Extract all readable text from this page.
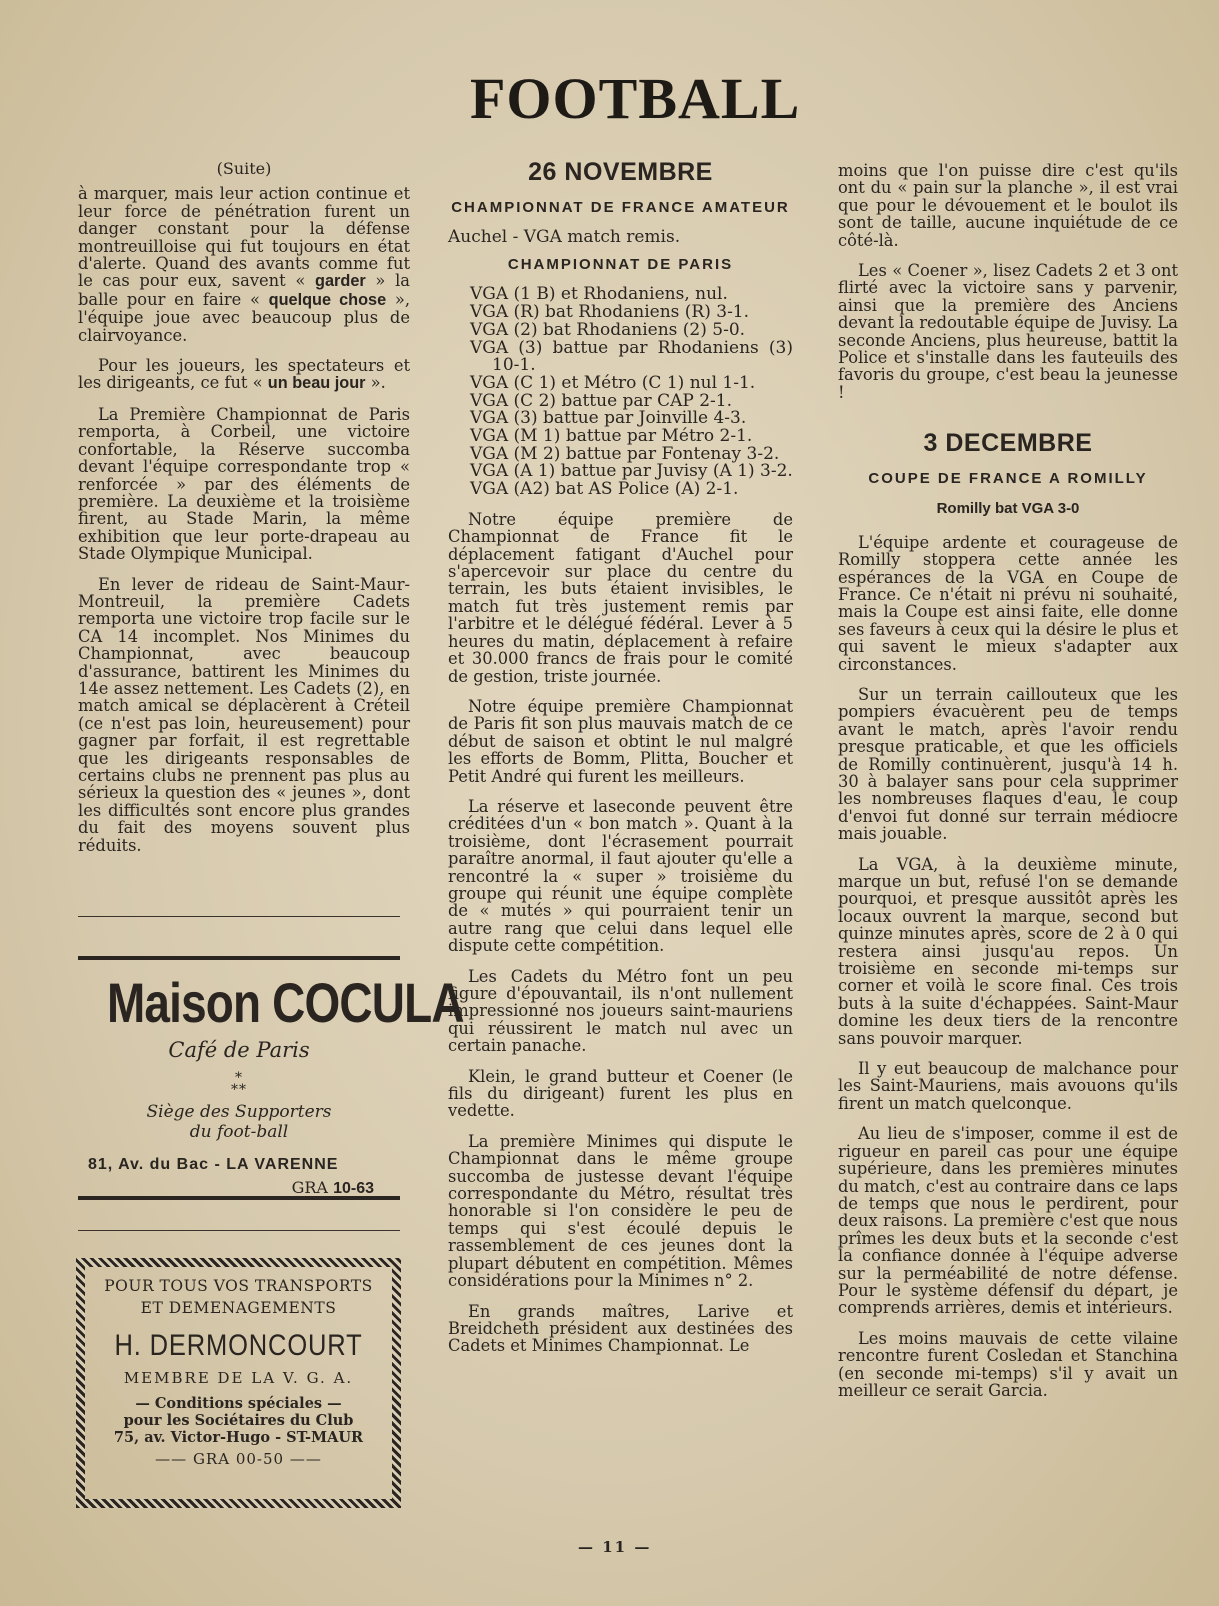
FOOTBALL
(Suite)

à marquer, mais leur action continue et leur force de pénétration furent un danger constant pour la défense montreuilloise qui fut toujours en état d'alerte. Quand des avants comme fut le cas pour eux, savent « garder » la balle pour en faire « quelque chose », l'équipe joue avec beaucoup plus de clairvoyance.

Pour les joueurs, les spectateurs et les dirigeants, ce fut « un beau jour ».

La Première Championnat de Paris remporta, à Corbeil, une victoire confortable, la Réserve succomba devant l'équipe correspondante trop « renforcée » par des éléments de première. La deuxième et la troisième firent, au Stade Marin, la même exhibition que leur porte-drapeau au Stade Olympique Municipal.

En lever de rideau de Saint-Maur-Montreuil, la première Cadets remporta une victoire trop facile sur le CA 14 incomplet. Nos Minimes du Championnat, avec beaucoup d'assurance, battirent les Minimes du 14e assez nettement. Les Cadets (2), en match amical se déplacèrent à Créteil (ce n'est pas loin, heureusement) pour gagner par forfait, il est regrettable que les dirigeants responsables de certains clubs ne prennent pas plus au sérieux la question des « jeunes », dont les difficultés sont encore plus grandes du fait des moyens souvent plus réduits.

Maison COCULA
Café de Paris
*
**
Siège des Supporters
du foot-ball
81, Av. du Bac - LA VARENNE
GRA 10-63
POUR TOUS VOS TRANSPORTS
ET DEMENAGEMENTS
H. DERMONCOURT
MEMBRE DE LA V. G. A.
— Conditions spéciales —
pour les Sociétaires du Club
75, av. Victor-Hugo - ST-MAUR
—— GRA 00-50 ——
26 NOVEMBRE
CHAMPIONNAT DE FRANCE AMATEUR

Auchel - VGA match remis.

CHAMPIONNAT DE PARIS
VGA (1 B) et Rhodaniens, nul.
VGA (R) bat Rhodaniens (R) 3-1.
VGA (2) bat Rhodaniens (2) 5-0.
VGA (3) battue par Rhodaniens (3) 10-1.
VGA (C 1) et Métro (C 1) nul 1-1.
VGA (C 2) battue par CAP 2-1.
VGA (3) battue par Joinville 4-3.
VGA (M 1) battue par Métro 2-1.
VGA (M 2) battue par Fontenay 3-2.
VGA (A 1) battue par Juvisy (A 1) 3-2.
VGA (A2) bat AS Police (A) 2-1.

Notre équipe première de Championnat de France fit le déplacement fatigant d'Auchel pour s'apercevoir sur place du centre du terrain, les buts étaient invisibles, le match fut très justement remis par l'arbitre et le délégué fédéral. Lever à 5 heures du matin, déplacement à refaire et 30.000 francs de frais pour le comité de gestion, triste journée.

Notre équipe première Championnat de Paris fit son plus mauvais match de ce début de saison et obtint le nul malgré les efforts de Bomm, Plitta, Boucher et Petit André qui furent les meilleurs.

La réserve et laseconde peuvent être créditées d'un « bon match ». Quant à la troisième, dont l'écrasement pourrait paraître anormal, il faut ajouter qu'elle a rencontré la « super » troisième du groupe qui réunit une équipe complète de « mutés » qui pourraient tenir un autre rang que celui dans lequel elle dispute cette compétition.

Les Cadets du Métro font un peu figure d'épouvantail, ils n'ont nullement impressionné nos joueurs saint-mauriens qui réussirent le match nul avec un certain panache.

Klein, le grand butteur et Coener (le fils du dirigeant) furent les plus en vedette.

La première Minimes qui dispute le Championnat dans le même groupe succomba de justesse devant l'équipe correspondante du Métro, résultat très honorable si l'on considère le peu de temps qui s'est écoulé depuis le rassemblement de ces jeunes dont la plupart débutent en compétition. Mêmes considérations pour la Minimes n° 2.

En grands maîtres, Larive et Breidcheth président aux destinées des Cadets et Minimes Championnat. Le

moins que l'on puisse dire c'est qu'ils ont du « pain sur la planche », il est vrai que pour le dévouement et le boulot ils sont de taille, aucune inquiétude de ce côté-là.

Les « Coener », lisez Cadets 2 et 3 ont flirté avec la victoire sans y parvenir, ainsi que la première des Anciens devant la redoutable équipe de Juvisy. La seconde Anciens, plus heureuse, battit la Police et s'installe dans les fauteuils des favoris du groupe, c'est beau la jeunesse !

3 DECEMBRE
COUPE DE FRANCE A ROMILLY
Romilly bat VGA 3-0

L'équipe ardente et courageuse de Romilly stoppera cette année les espérances de la VGA en Coupe de France. Ce n'était ni prévu ni souhaité, mais la Coupe est ainsi faite, elle donne ses faveurs à ceux qui la désire le plus et qui savent le mieux s'adapter aux circonstances.

Sur un terrain caillouteux que les pompiers évacuèrent peu de temps avant le match, après l'avoir rendu presque praticable, et que les officiels de Romilly continuèrent, jusqu'à 14 h. 30 à balayer sans pour cela supprimer les nombreuses flaques d'eau, le coup d'envoi fut donné sur terrain médiocre mais jouable.

La VGA, à la deuxième minute, marque un but, refusé l'on se demande pourquoi, et presque aussitôt après les locaux ouvrent la marque, second but quinze minutes après, score de 2 à 0 qui restera ainsi jusqu'au repos. Un troisième en seconde mi-temps sur corner et voilà le score final. Ces trois buts à la suite d'échappées. Saint-Maur domine les deux tiers de la rencontre sans pouvoir marquer.

Il y eut beaucoup de malchance pour les Saint-Mauriens, mais avouons qu'ils firent un match quelconque.

Au lieu de s'imposer, comme il est de rigueur en pareil cas pour une équipe supérieure, dans les premières minutes du match, c'est au contraire dans ce laps de temps que nous le perdirent, pour deux raisons. La première c'est que nous prîmes les deux buts et la seconde c'est la confiance donnée à l'équipe adverse sur la perméabilité de notre défense. Pour le système défensif du départ, je comprends arrières, demis et intérieurs.

Les moins mauvais de cette vilaine rencontre furent Cosledan et Stanchina (en seconde mi-temps) s'il y avait un meilleur ce serait Garcia.

— 11 —
